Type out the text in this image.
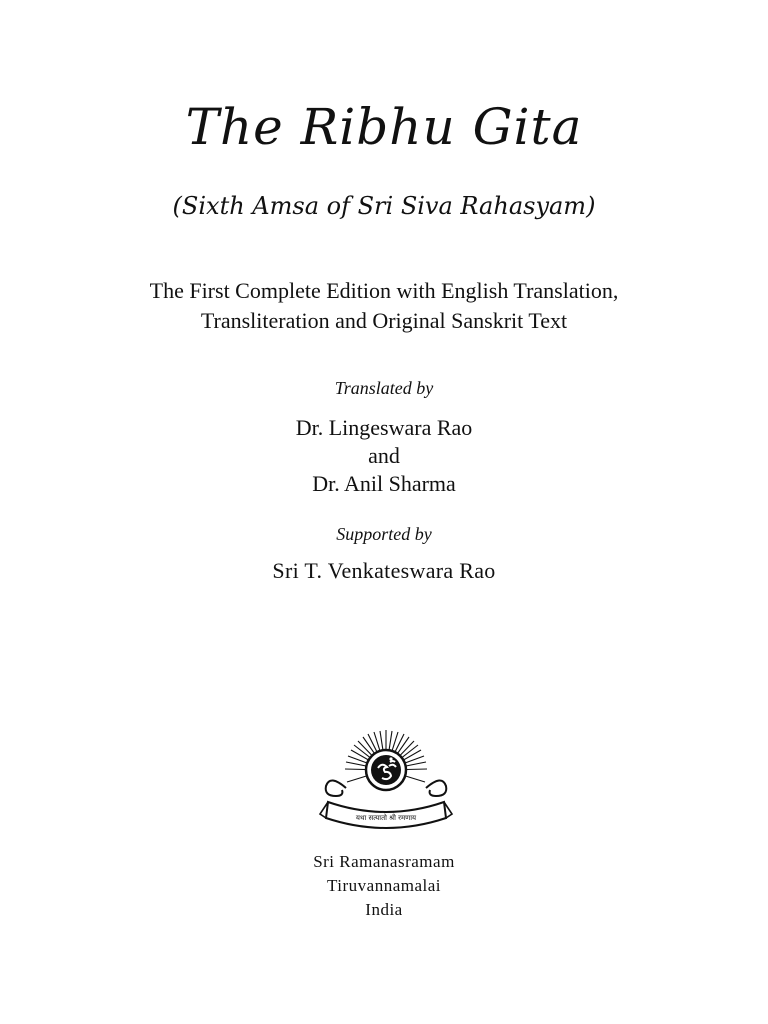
The Ribhu Gita
(Sixth Amsa of Sri Siva Rahasyam)
The First Complete Edition with English Translation,
Transliteration and Original Sanskrit Text
Translated by
Dr. Lingeswara Rao
and
Dr. Anil Sharma
Supported by
Sri T. Venkateswara Rao
यथा सत्यातो श्री रमणाय
Sri Ramanasramam
Tiruvannamalai
India
